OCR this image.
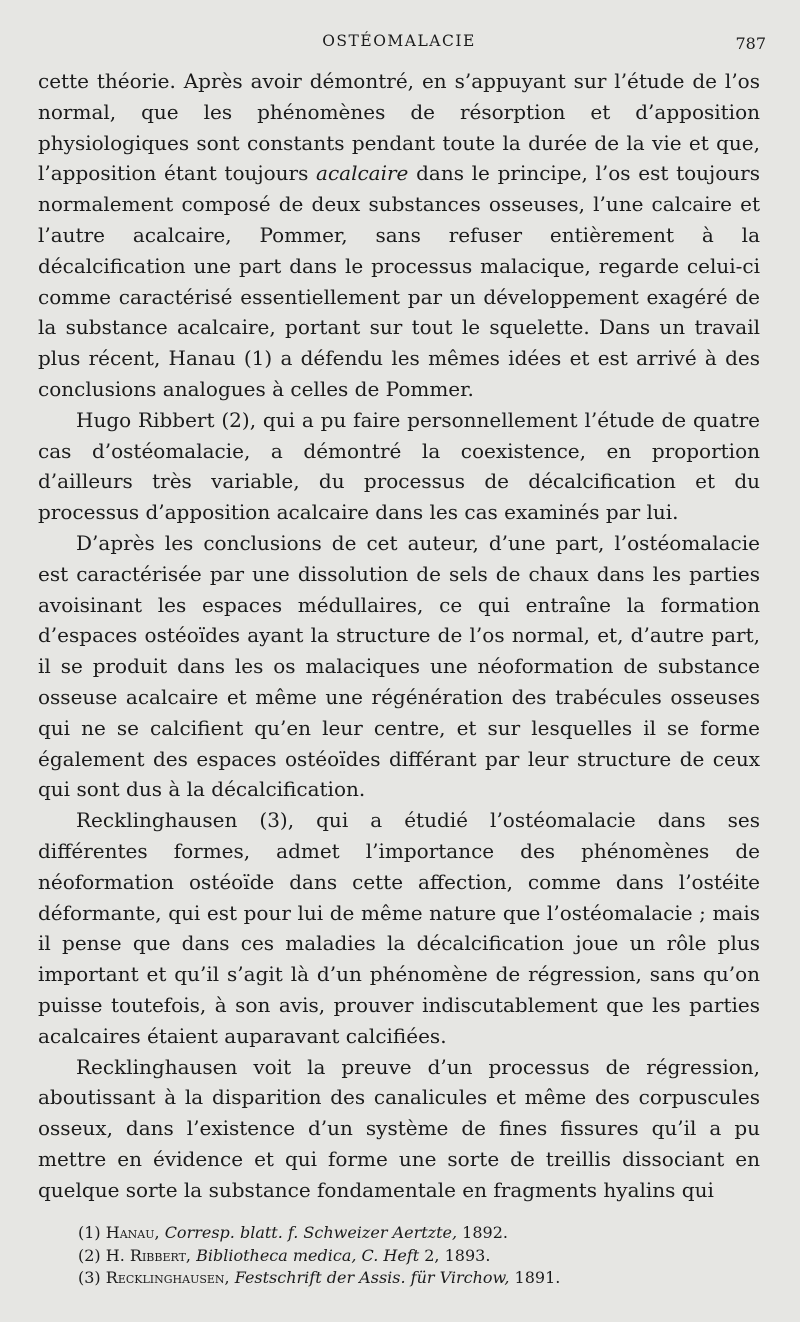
OSTÉOMALACIE	787

cette théorie. Après avoir démontré, en s’appuyant sur l’étude de l’os normal, que les phénomènes de résorption et d’apposition physiologiques sont constants pendant toute la durée de la vie et que, l’apposition étant toujours acalcaire dans le principe, l’os est toujours normalement composé de deux substances osseuses, l’une calcaire et l’autre acalcaire, Pommer, sans refuser entièrement à la décalcification une part dans le processus malacique, regarde celui-ci comme caractérisé essentiellement par un développement exagéré de la substance acalcaire, portant sur tout le squelette. Dans un travail plus récent, Hanau (1) a défendu les mêmes idées et est arrivé à des conclusions analogues à celles de Pommer.

Hugo Ribbert (2), qui a pu faire personnellement l’étude de quatre cas d’ostéomalacie, a démontré la coexistence, en proportion d’ailleurs très variable, du processus de décalcification et du processus d’apposition acalcaire dans les cas examinés par lui.

D’après les conclusions de cet auteur, d’une part, l’ostéomalacie est caractérisée par une dissolution de sels de chaux dans les parties avoisinant les espaces médullaires, ce qui entraîne la formation d’espaces ostéoïdes ayant la structure de l’os normal, et, d’autre part, il se produit dans les os malaciques une néoformation de substance osseuse acalcaire et même une régénération des trabécules osseuses qui ne se calcifient qu’en leur centre, et sur lesquelles il se forme également des espaces ostéoïdes différant par leur structure de ceux qui sont dus à la décalcification.

Recklinghausen (3), qui a étudié l’ostéomalacie dans ses différentes formes, admet l’importance des phénomènes de néoformation ostéoïde dans cette affection, comme dans l’ostéite déformante, qui est pour lui de même nature que l’ostéomalacie ; mais il pense que dans ces maladies la décalcification joue un rôle plus important et qu’il s’agit là d’un phénomène de régression, sans qu’on puisse toutefois, à son avis, prouver indiscutablement que les parties acalcaires étaient auparavant calcifiées.

Recklinghausen voit la preuve d’un processus de régression, aboutissant à la disparition des canalicules et même des corpuscules osseux, dans l’existence d’un système de fines fissures qu’il a pu mettre en évidence et qui forme une sorte de treillis dissociant en quelque sorte la substance fondamentale en fragments hyalins qui

(1) Hanau, Corresp. blatt. f. Schweizer Aertzte, 1892.
(2) H. Ribbert, Bibliotheca medica, C. Heft 2, 1893.
(3) Recklinghausen, Festschrift der Assis. für Virchow, 1891.
